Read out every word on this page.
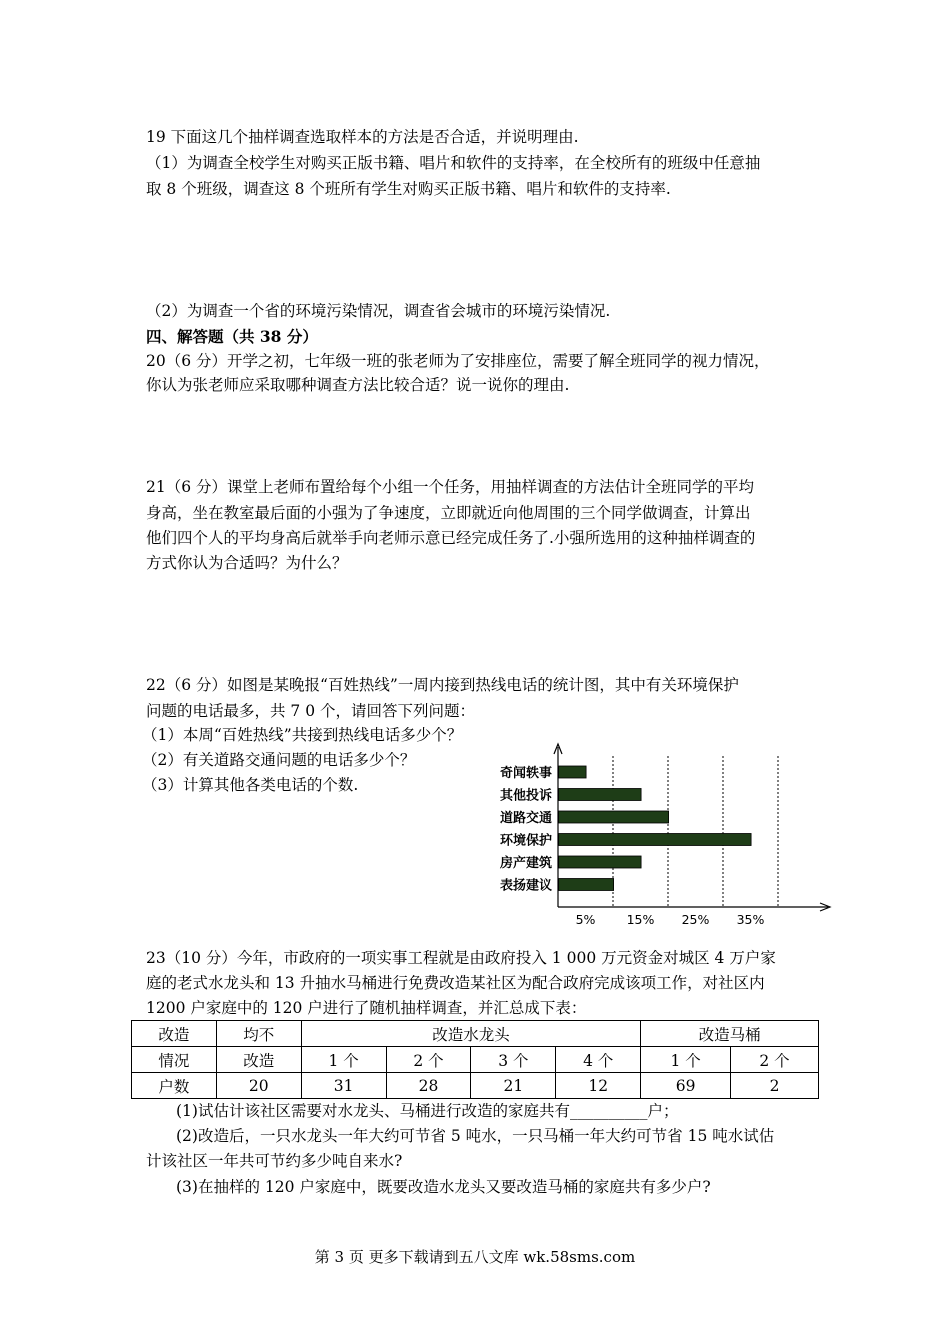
19 下面这几个抽样调查选取样本的方法是否合适，并说明理由.
（1）为调查全校学生对购买正版书籍、唱片和软件的支持率，在全校所有的班级中任意抽
取 8 个班级，调查这 8 个班所有学生对购买正版书籍、唱片和软件的支持率.
（2）为调查一个省的环境污染情况，调查省会城市的环境污染情况.
四、解答题（共 38 分）
20（6 分）开学之初，七年级一班的张老师为了安排座位，需要了解全班同学的视力情况，
你认为张老师应采取哪种调查方法比较合适？说一说你的理由.
21（6 分）课堂上老师布置给每个小组一个任务，用抽样调查的方法估计全班同学的平均
身高，坐在教室最后面的小强为了争速度，立即就近向他周围的三个同学做调查，计算出
他们四个人的平均身高后就举手向老师示意已经完成任务了.小强所选用的这种抽样调查的
方式你认为合适吗？为什么？
22（6 分）如图是某晚报“百姓热线”一周内接到热线电话的统计图，其中有关环境保护
问题的电话最多，共 7 0 个，请回答下列问题：
（1）本周“百姓热线”共接到热线电话多少个？
（2）有关道路交通问题的电话多少个？
（3）计算其他各类电话的个数.
奇闻轶事
其他投诉
道路交通
环境保护
房产建筑
表扬建议
5% 15% 25% 35%
23（10 分）今年，市政府的一项实事工程就是由政府投入 1 000 万元资金对城区 4 万户家
庭的老式水龙头和 13 升抽水马桶进行免费改造某社区为配合政府完成该项工作，对社区内
1200 户家庭中的 120 户进行了随机抽样调查，并汇总成下表：
改造	均不	改造水龙头				改造马桶	
情况	改造	1 个	2 个	3 个	4 个	1 个	2 个
户数	20	31	28	21	12	69	2
(1)试估计该社区需要对水龙头、马桶进行改造的家庭共有__________户；
(2)改造后，一只水龙头一年大约可节省 5 吨水，一只马桶一年大约可节省 15 吨水试估
计该社区一年共可节约多少吨自来水?
(3)在抽样的 120 户家庭中，既要改造水龙头又要改造马桶的家庭共有多少户?
第 3 页 更多下载请到五八文库 wk.58sms.com
